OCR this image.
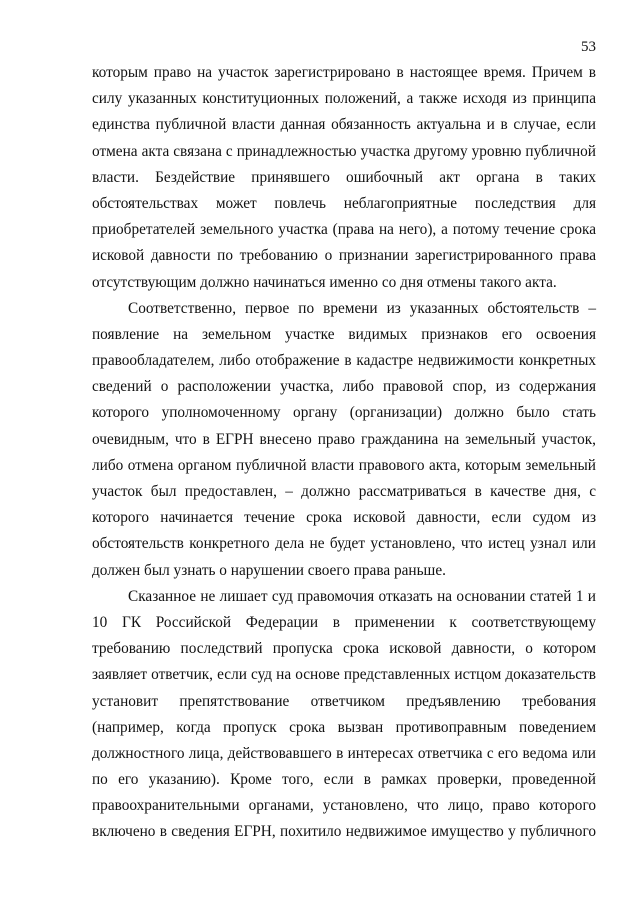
53
которым право на участок зарегистрировано в настоящее время. Причем в
силу указанных конституционных положений, а также исходя из принципа
единства публичной власти данная обязанность актуальна и в случае, если
отмена акта связана с принадлежностью участка другому уровню публичной
власти. Бездействие принявшего ошибочный акт органа в таких
обстоятельствах может повлечь неблагоприятные последствия для
приобретателей земельного участка (права на него), а потому течение срока
исковой давности по требованию о признании зарегистрированного права
отсутствующим должно начинаться именно со дня отмены такого акта.
Соответственно, первое по времени из указанных обстоятельств –
появление на земельном участке видимых признаков его освоения
правообладателем, либо отображение в кадастре недвижимости конкретных
сведений о расположении участка, либо правовой спор, из содержания
которого уполномоченному органу (организации) должно было стать
очевидным, что в ЕГРН внесено право гражданина на земельный участок,
либо отмена органом публичной власти правового акта, которым земельный
участок был предоставлен, – должно рассматриваться в качестве дня, с
которого начинается течение срока исковой давности, если судом из
обстоятельств конкретного дела не будет установлено, что истец узнал или
должен был узнать о нарушении своего права раньше.
Сказанное не лишает суд правомочия отказать на основании статей 1 и
10 ГК Российской Федерации в применении к соответствующему
требованию последствий пропуска срока исковой давности, о котором
заявляет ответчик, если суд на основе представленных истцом доказательств
установит препятствование ответчиком предъявлению требования
(например, когда пропуск срока вызван противоправным поведением
должностного лица, действовавшего в интересах ответчика с его ведома или
по его указанию). Кроме того, если в рамках проверки, проведенной
правоохранительными органами, установлено, что лицо, право которого
включено в сведения ЕГРН, похитило недвижимое имущество у публичного
